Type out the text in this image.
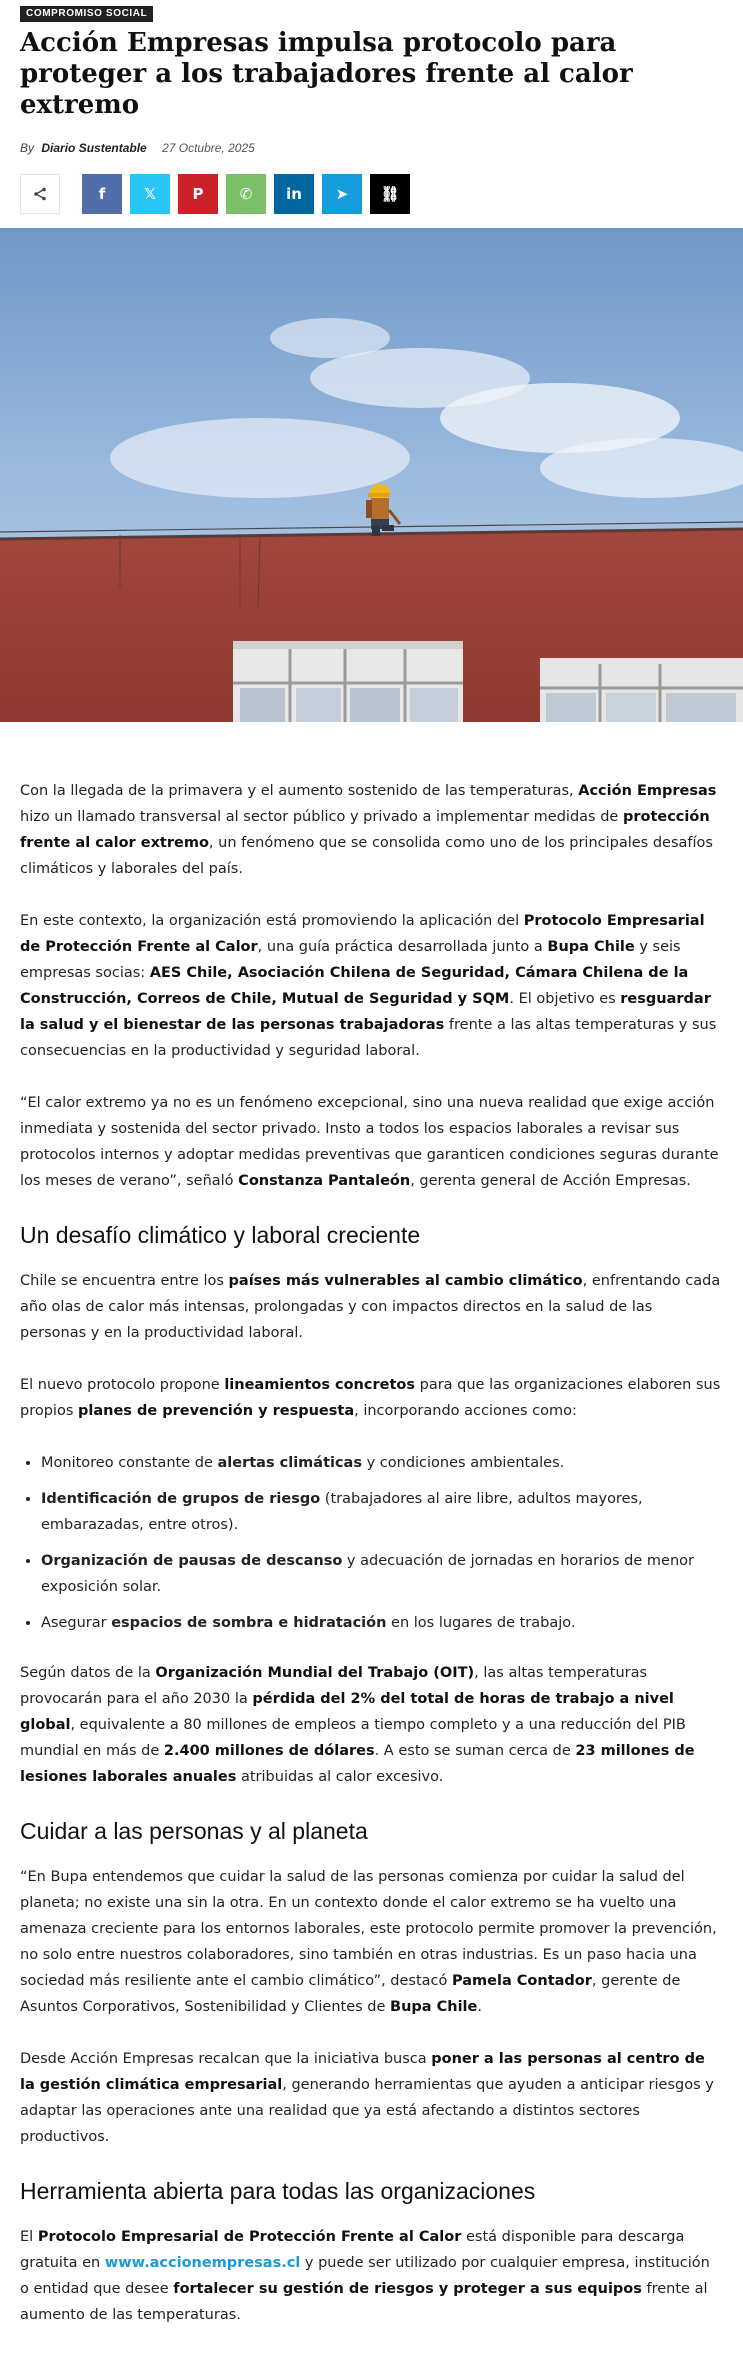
COMPROMISO SOCIAL
Acción Empresas impulsa protocolo para proteger a los trabajadores frente al calor extremo
By Diario Sustentable 27 Octubre, 2025
f	𝕏 P ✆ in ➤ ⛓

Con la llegada de la primavera y el aumento sostenido de las temperaturas, Acción Empresas hizo un llamado transversal al sector público y privado a implementar medidas de protección frente al calor extremo, un fenómeno que se consolida como uno de los principales desafíos climáticos y laborales del país.

En este contexto, la organización está promoviendo la aplicación del Protocolo Empresarial de Protección Frente al Calor, una guía práctica desarrollada junto a Bupa Chile y seis empresas socias: AES Chile, Asociación Chilena de Seguridad, Cámara Chilena de la Construcción, Correos de Chile, Mutual de Seguridad y SQM. El objetivo es resguardar la salud y el bienestar de las personas trabajadoras frente a las altas temperaturas y sus consecuencias en la productividad y seguridad laboral.

“El calor extremo ya no es un fenómeno excepcional, sino una nueva realidad que exige acción inmediata y sostenida del sector privado. Insto a todos los espacios laborales a revisar sus protocolos internos y adoptar medidas preventivas que garanticen condiciones seguras durante los meses de verano”, señaló Constanza Pantaleón, gerenta general de Acción Empresas.

Un desafío climático y laboral creciente

Chile se encuentra entre los países más vulnerables al cambio climático, enfrentando cada año olas de calor más intensas, prolongadas y con impactos directos en la salud de las personas y en la productividad laboral.

El nuevo protocolo propone lineamientos concretos para que las organizaciones elaboren sus propios planes de prevención y respuesta, incorporando acciones como:

• Monitoreo constante de alertas climáticas y condiciones ambientales.
• Identificación de grupos de riesgo (trabajadores al aire libre, adultos mayores, embarazadas, entre otros).
• Organización de pausas de descanso y adecuación de jornadas en horarios de menor exposición solar.
• Asegurar espacios de sombra e hidratación en los lugares de trabajo.

Según datos de la Organización Mundial del Trabajo (OIT), las altas temperaturas provocarán para el año 2030 la pérdida del 2% del total de horas de trabajo a nivel global, equivalente a 80 millones de empleos a tiempo completo y a una reducción del PIB mundial en más de 2.400 millones de dólares. A esto se suman cerca de 23 millones de lesiones laborales anuales atribuidas al calor excesivo.

Cuidar a las personas y al planeta

“En Bupa entendemos que cuidar la salud de las personas comienza por cuidar la salud del planeta; no existe una sin la otra. En un contexto donde el calor extremo se ha vuelto una amenaza creciente para los entornos laborales, este protocolo permite promover la prevención, no solo entre nuestros colaboradores, sino también en otras industrias. Es un paso hacia una sociedad más resiliente ante el cambio climático”, destacó Pamela Contador, gerente de Asuntos Corporativos, Sostenibilidad y Clientes de Bupa Chile.

Desde Acción Empresas recalcan que la iniciativa busca poner a las personas al centro de la gestión climática empresarial, generando herramientas que ayuden a anticipar riesgos y adaptar las operaciones ante una realidad que ya está afectando a distintos sectores productivos.

Herramienta abierta para todas las organizaciones

El Protocolo Empresarial de Protección Frente al Calor está disponible para descarga gratuita en www.accionempresas.cl y puede ser utilizado por cualquier empresa, institución o entidad que desee fortalecer su gestión de riesgos y proteger a sus equipos frente al aumento de las temperaturas.
